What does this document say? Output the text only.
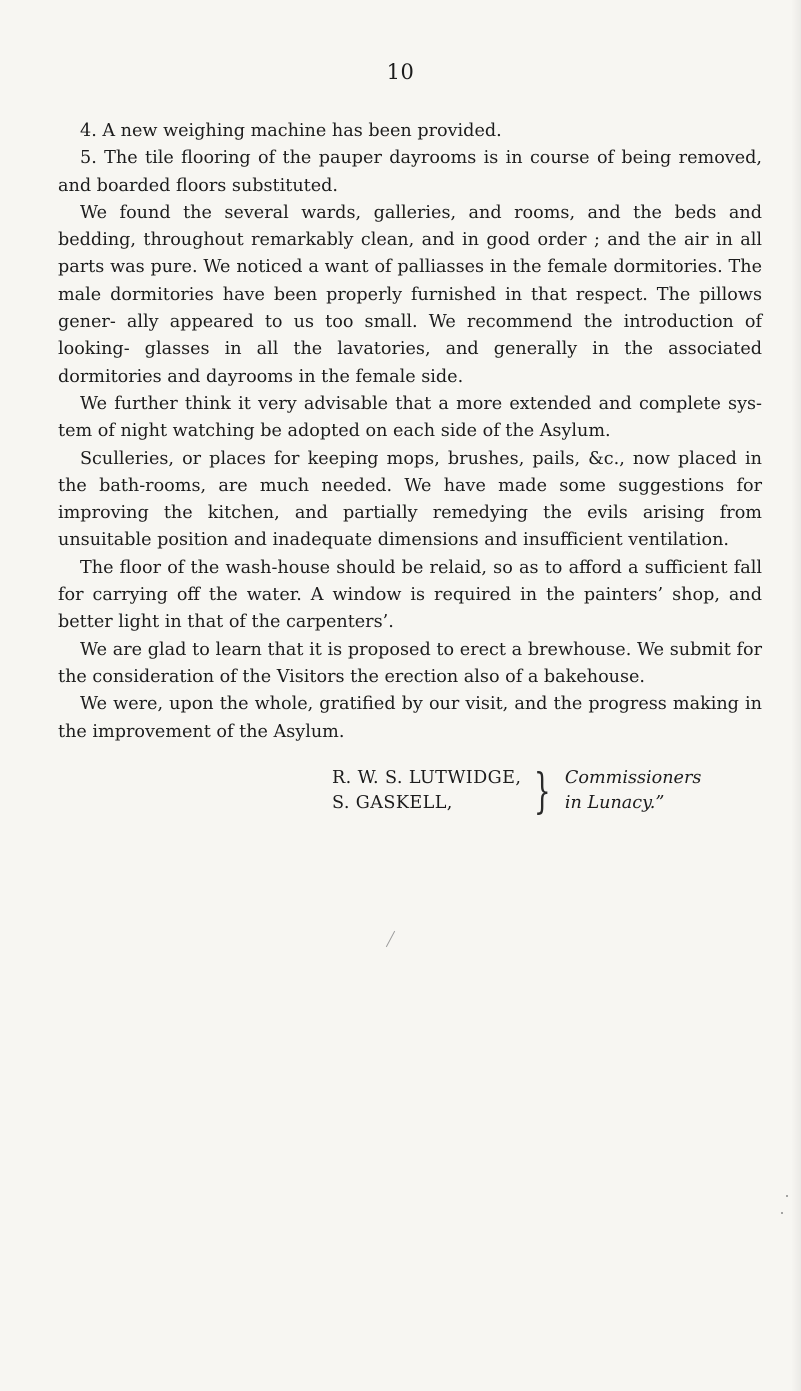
10

4. A new weighing machine has been provided.

5. The tile flooring of the pauper dayrooms is in course of being removed, and boarded floors substituted.

We found the several wards, galleries, and rooms, and the beds and bedding, throughout remarkably clean, and in good order ; and the air in all parts was pure. We noticed a want of palliasses in the female dormitories. The male dormitories have been properly furnished in that respect. The pillows gener- ally appeared to us too small. We recommend the introduction of looking- glasses in all the lavatories, and generally in the associated dormitories and dayrooms in the female side.

We further think it very advisable that a more extended and complete sys- tem of night watching be adopted on each side of the Asylum.

Sculleries, or places for keeping mops, brushes, pails, &c., now placed in the bath-rooms, are much needed. We have made some suggestions for improving the kitchen, and partially remedying the evils arising from unsuitable position and inadequate dimensions and insufficient ventilation.

The floor of the wash-house should be relaid, so as to afford a sufficient fall for carrying off the water. A window is required in the painters’ shop, and better light in that of the carpenters’.

We are glad to learn that it is proposed to erect a brewhouse. We submit for the consideration of the Visitors the erection also of a bakehouse.

We were, upon the whole, gratified by our visit, and the progress making in the improvement of the Asylum.

R. W. S. LUTWIDGE,
S. GASKELL,	} Commissioners
in Lunacy.”
